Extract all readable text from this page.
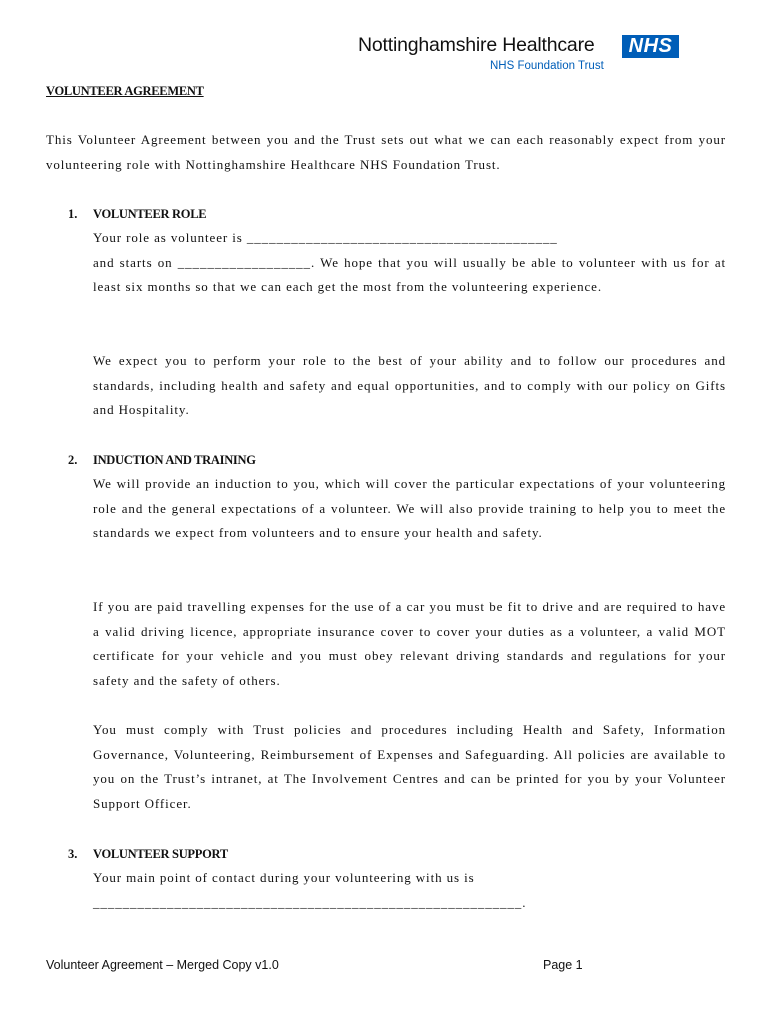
Nottinghamshire Healthcare	NHS
NHS Foundation Trust
VOLUNTEER AGREEMENT

This Volunteer Agreement between you and the Trust sets out what we can each reasonably expect from your volunteering role with Nottinghamshire Healthcare NHS Foundation Trust.

1. VOLUNTEER ROLE

Your role as volunteer is __________________________________________

and starts on __________________. We hope that you will usually be able to volunteer with us for at least six months so that we can each get the most from the volunteering experience.

We expect you to perform your role to the best of your ability and to follow our procedures and standards, including health and safety and equal opportunities, and to comply with our policy on Gifts and Hospitality.

2. INDUCTION AND TRAINING

We will provide an induction to you, which will cover the particular expectations of your volunteering role and the general expectations of a volunteer. We will also provide training to help you to meet the standards we expect from volunteers and to ensure your health and safety.

If you are paid travelling expenses for the use of a car you must be fit to drive and are required to have a valid driving licence, appropriate insurance cover to cover your duties as a volunteer, a valid MOT certificate for your vehicle and you must obey relevant driving standards and regulations for your safety and the safety of others.

You must comply with Trust policies and procedures including Health and Safety, Information Governance, Volunteering, Reimbursement of Expenses and Safeguarding. All policies are available to you on the Trust’s intranet, at The Involvement Centres and can be printed for you by your Volunteer Support Officer.

3. VOLUNTEER SUPPORT

Your main point of contact during your volunteering with us is

__________________________________________________________.

Volunteer Agreement – Merged Copy v1.0	Page 1
